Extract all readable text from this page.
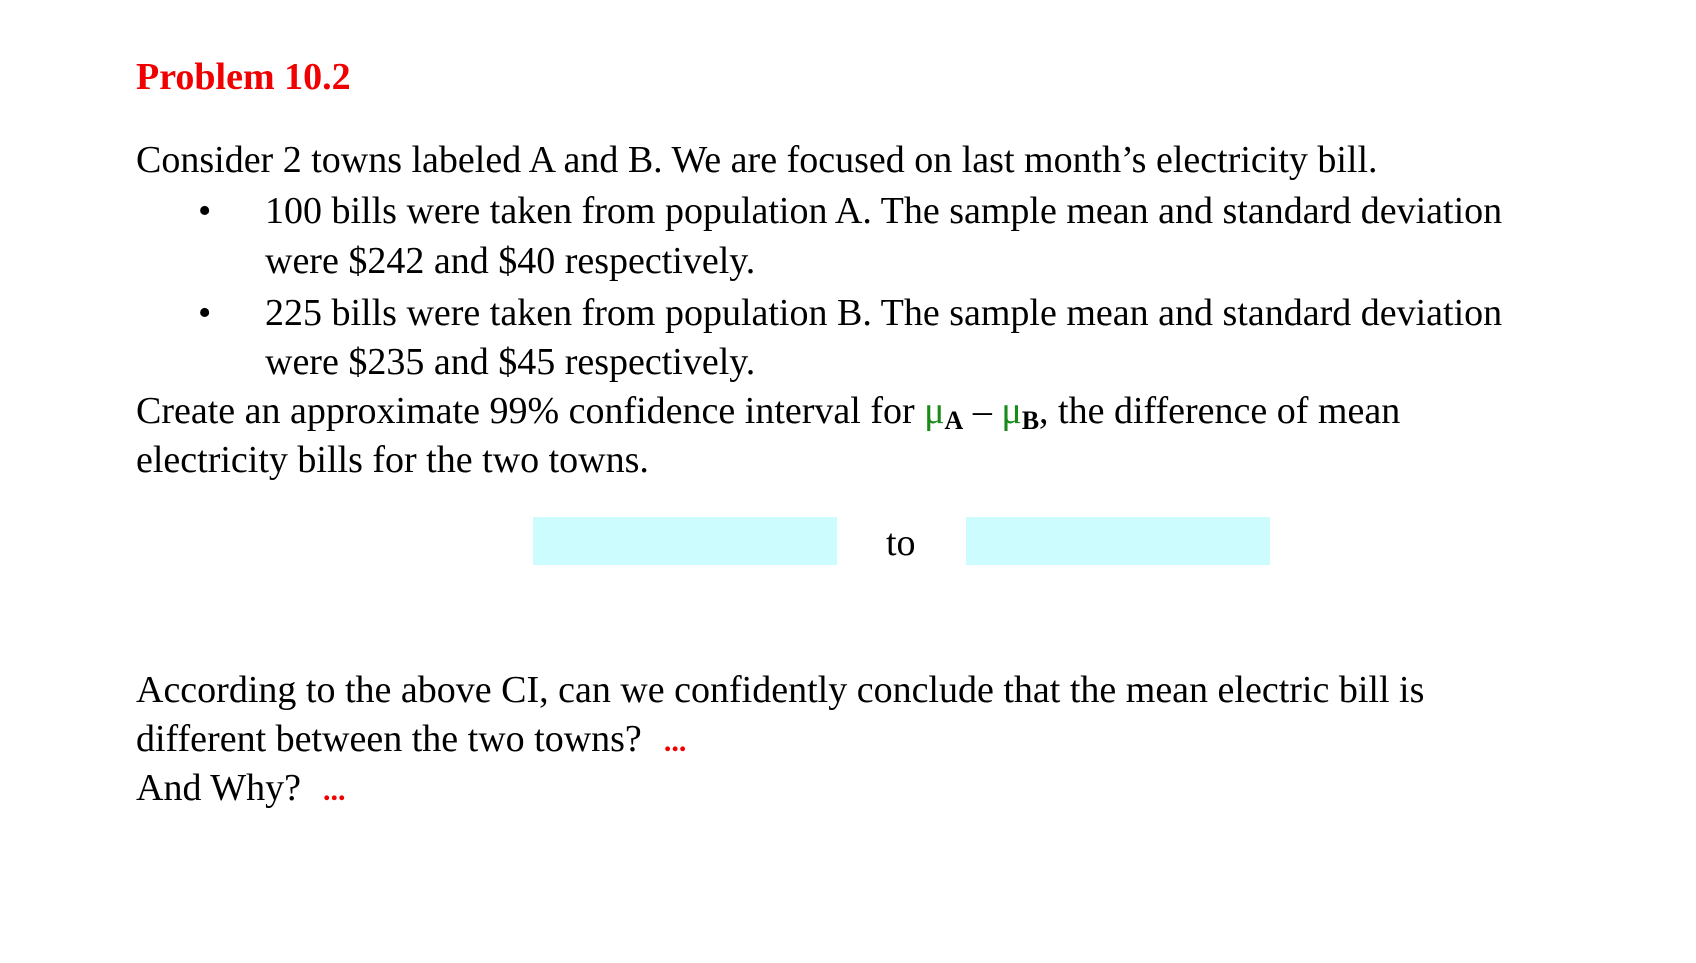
Problem 10.2
Consider 2 towns labeled A and B. We are focused on last month’s electricity bill.
• 100 bills were taken from population A. The sample mean and standard deviation
were $242 and $40 respectively.
• 225 bills were taken from population B. The sample mean and standard deviation
were $235 and $45 respectively.
Create an approximate 99% confidence interval for $\mu_A - \mu_B$, the difference of mean
electricity bills for the two towns.
to
According to the above CI, can we confidently conclude that the mean electric bill is
different between the two towns? ...
And Why? ...
